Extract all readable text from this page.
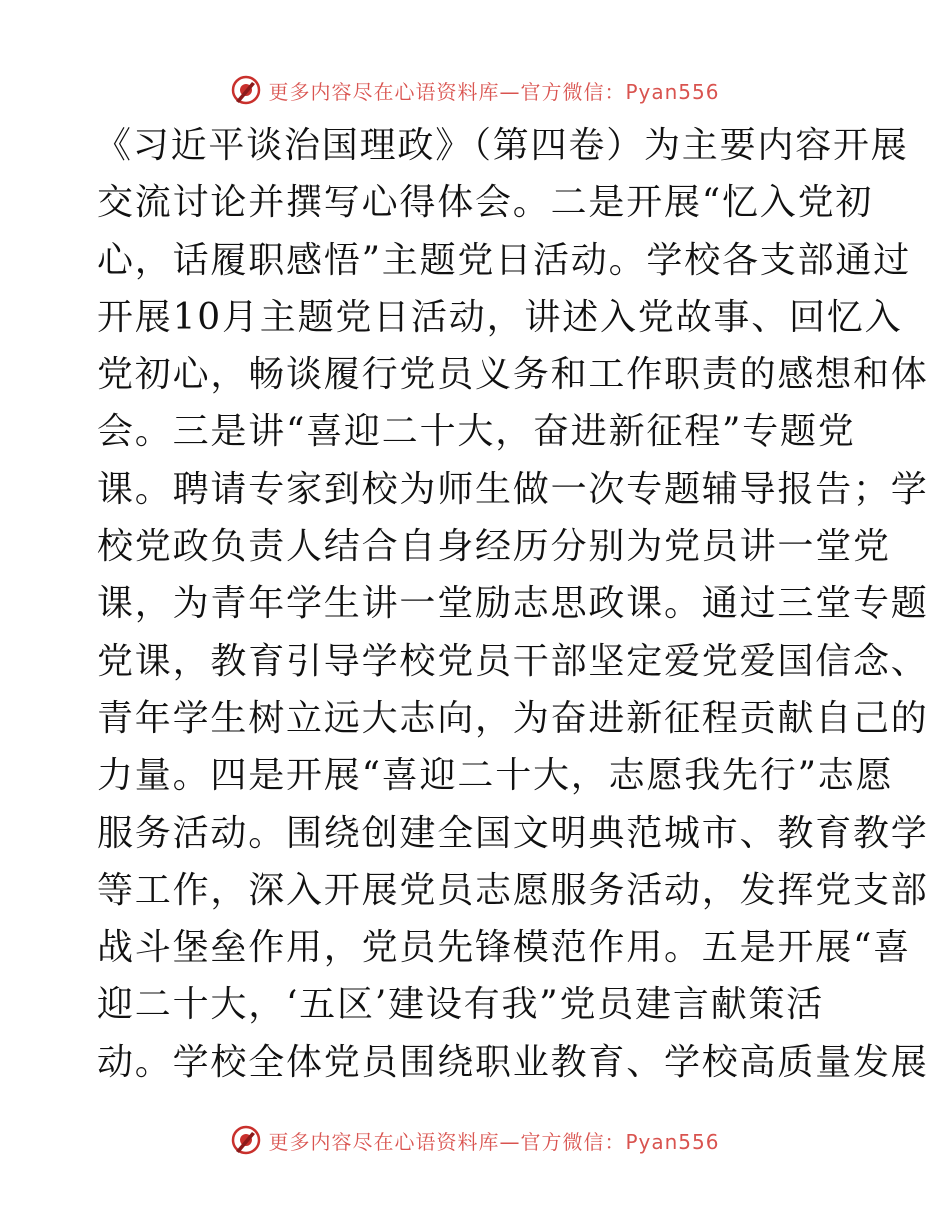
更多内容尽在心语资料库—官方微信：Pyan556
《习近平谈治国理政》（第四卷）为主要内容开展
交流讨论并撰写心得体会。二是开展“忆入党初
心，话履职感悟”主题党日活动。学校各支部通过
开展10月主题党日活动，讲述入党故事、回忆入
党初心，畅谈履行党员义务和工作职责的感想和体
会。三是讲“喜迎二十大，奋进新征程”专题党
课。聘请专家到校为师生做一次专题辅导报告；学
校党政负责人结合自身经历分别为党员讲一堂党
课，为青年学生讲一堂励志思政课。通过三堂专题
党课，教育引导学校党员干部坚定爱党爱国信念、
青年学生树立远大志向，为奋进新征程贡献自己的
力量。四是开展“喜迎二十大，志愿我先行”志愿
服务活动。围绕创建全国文明典范城市、教育教学
等工作，深入开展党员志愿服务活动，发挥党支部
战斗堡垒作用，党员先锋模范作用。五是开展“喜
迎二十大，‘五区’建设有我”党员建言献策活
动。学校全体党员围绕职业教育、学校高质量发展
更多内容尽在心语资料库—官方微信：Pyan556
